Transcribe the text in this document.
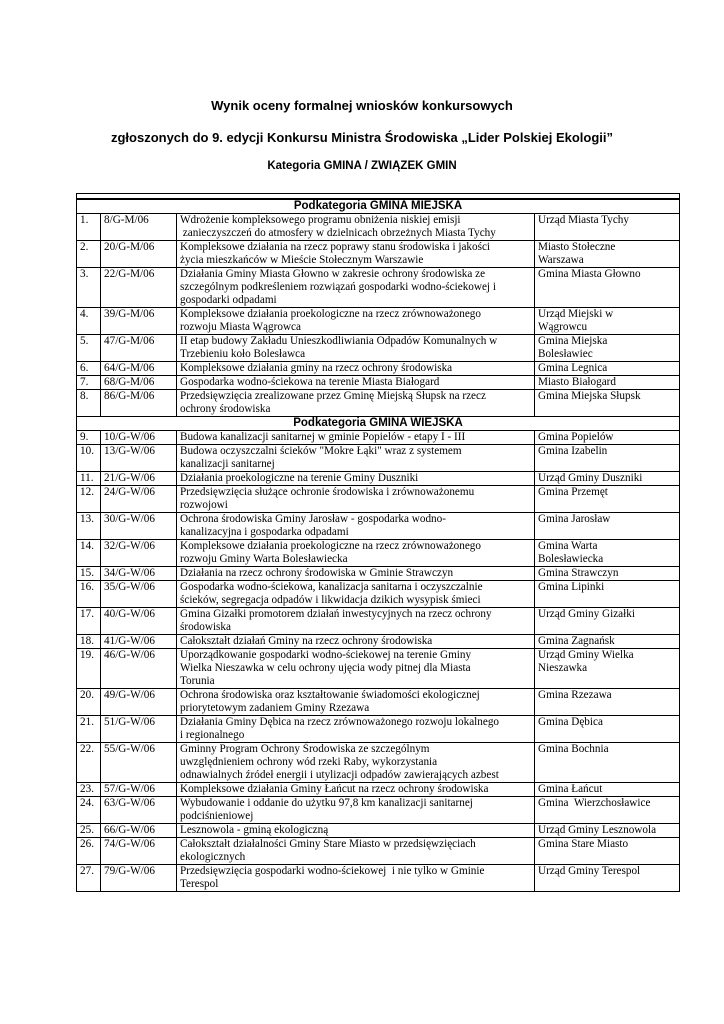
Wynik oceny formalnej wniosków konkursowych
zgłoszonych do 9. edycji Konkursu Ministra Środowiska „Lider Polskiej Ekologii”
Kategoria GMINA / ZWIĄZEK GMIN

Podkategoria GMINA MIEJSKA			
1.	8/G-M/06	Wdrożenie kompleksowego programu obniżenia niskiej emisji
zanieczyszczeń do atmosfery w dzielnicach obrzeżnych Miasta Tychy	Urząd Miasta Tychy
2.	20/G-M/06	Kompleksowe działania na rzecz poprawy stanu środowiska i jakości
życia mieszkańców w Mieście Stołecznym Warszawie	Miasto Stołeczne
Warszawa
3.	22/G-M/06	Działania Gminy Miasta Głowno w zakresie ochrony środowiska ze
szczególnym podkreśleniem rozwiązań gospodarki wodno-ściekowej i
gospodarki odpadami	Gmina Miasta Głowno
4.	39/G-M/06	Kompleksowe działania proekologiczne na rzecz zrównoważonego
rozwoju Miasta Wągrowca	Urząd Miejski w
Wągrowcu
5.	47/G-M/06	II etap budowy Zakładu Unieszkodliwiania Odpadów Komunalnych w
Trzebieniu koło Bolesławca	Gmina Miejska
Bolesławiec
6.	64/G-M/06	Kompleksowe działania gminy na rzecz ochrony środowiska	Gmina Legnica
7.	68/G-M/06	Gospodarka wodno-ściekowa na terenie Miasta Białogard	Miasto Białogard
8.	86/G-M/06	Przedsięwzięcia zrealizowane przez Gminę Miejską Słupsk na rzecz
ochrony środowiska	Gmina Miejska Słupsk
Podkategoria GMINA WIEJSKA			
9.	10/G-W/06	Budowa kanalizacji sanitarnej w gminie Popielów - etapy I - III	Gmina Popielów
10.	13/G-W/06	Budowa oczyszczalni ścieków "Mokre Łąki" wraz z systemem
kanalizacji sanitarnej	Gmina Izabelin
11.	21/G-W/06	Działania proekologiczne na terenie Gminy Duszniki	Urząd Gminy Duszniki
12.	24/G-W/06	Przedsięwzięcia służące ochronie środowiska i zrównoważonemu
rozwojowi	Gmina Przemęt
13.	30/G-W/06	Ochrona środowiska Gminy Jarosław - gospodarka wodno-
kanalizacyjna i gospodarka odpadami	Gmina Jarosław
14.	32/G-W/06	Kompleksowe działania proekologiczne na rzecz zrównoważonego
rozwoju Gminy Warta Bolesławiecka	Gmina Warta
Bolesławiecka
15.	34/G-W/06	Działania na rzecz ochrony środowiska w Gminie Strawczyn	Gmina Strawczyn
16.	35/G-W/06	Gospodarka wodno-ściekowa, kanalizacja sanitarna i oczyszczalnie
ścieków, segregacja odpadów i likwidacja dzikich wysypisk śmieci	Gmina Lipinki
17.	40/G-W/06	Gmina Gizałki promotorem działań inwestycyjnych na rzecz ochrony
środowiska	Urząd Gminy Gizałki
18.	41/G-W/06	Całokształt działań Gminy na rzecz ochrony środowiska	Gmina Zagnańsk
19.	46/G-W/06	Uporządkowanie gospodarki wodno-ściekowej na terenie Gminy
Wielka Nieszawka w celu ochrony ujęcia wody pitnej dla Miasta
Torunia	Urząd Gminy Wielka
Nieszawka
20.	49/G-W/06	Ochrona środowiska oraz kształtowanie świadomości ekologicznej
priorytetowym zadaniem Gminy Rzezawa	Gmina Rzezawa
21.	51/G-W/06	Działania Gminy Dębica na rzecz zrównoważonego rozwoju lokalnego
i regionalnego	Gmina Dębica
22.	55/G-W/06	Gminny Program Ochrony Środowiska ze szczególnym
uwzględnieniem ochrony wód rzeki Raby, wykorzystania
odnawialnych źródeł energii i utylizacji odpadów zawierających azbest	Gmina Bochnia
23.	57/G-W/06	Kompleksowe działania Gminy Łańcut na rzecz ochrony środowiska	Gmina Łańcut
24.	63/G-W/06	Wybudowanie i oddanie do użytku 97,8 km kanalizacji sanitarnej
podciśnieniowej	Gmina  Wierzchosławice
25.	66/G-W/06	Lesznowola - gminą ekologiczną	Urząd Gminy Lesznowola
26.	74/G-W/06	Całokształt działalności Gminy Stare Miasto w przedsięwzięciach
ekologicznych	Gmina Stare Miasto
27.	79/G-W/06	Przedsięwzięcia gospodarki wodno-ściekowej  i nie tylko w Gminie
Terespol	Urząd Gminy Terespol
